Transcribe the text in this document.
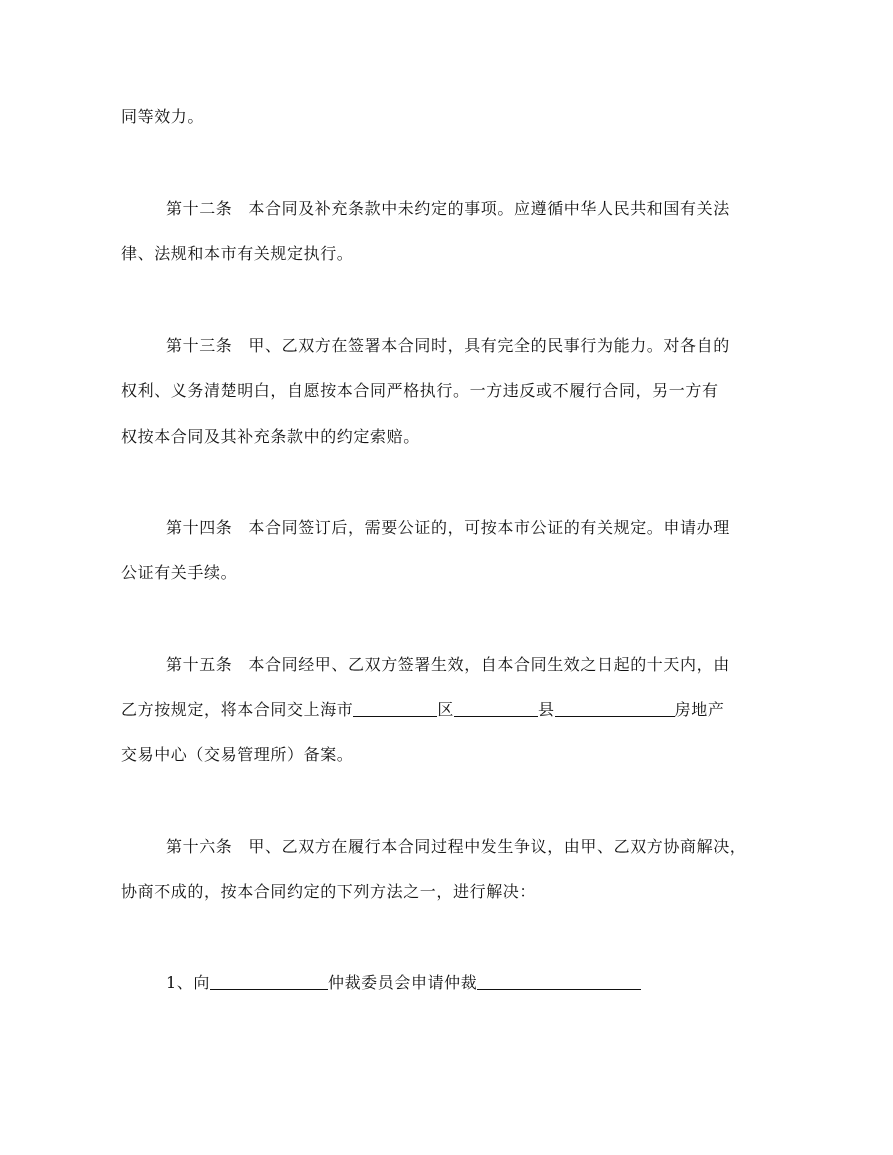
同等效力。
第十二条 本合同及补充条款中未约定的事项。应遵循中华人民共和国有关法
律、法规和本市有关规定执行。
第十三条 甲、乙双方在签署本合同时，具有完全的民事行为能力。对各自的
权利、义务清楚明白，自愿按本合同严格执行。一方违反或不履行合同，另一方有
权按本合同及其补充条款中的约定索赔。
第十四条 本合同签订后，需要公证的，可按本市公证的有关规定。申请办理
公证有关手续。
第十五条 本合同经甲、乙双方签署生效，自本合同生效之日起的十天内，由
乙方按规定，将本合同交上海市	区	县	房地产
交易中心（交易管理所）备案。
第十六条 甲、乙双方在履行本合同过程中发生争议，由甲、乙双方协商解决，
协商不成的，按本合同约定的下列方法之一，进行解决：
1、向	仲裁委员会申请仲裁
